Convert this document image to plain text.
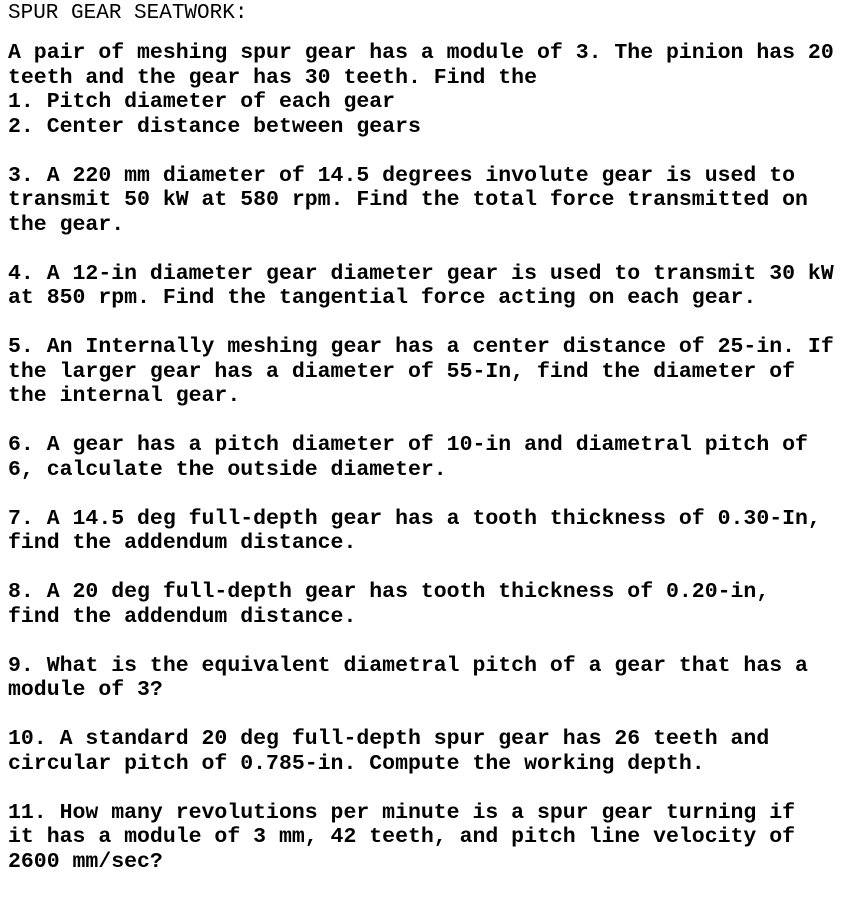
SPUR GEAR SEATWORK:
A pair of meshing spur gear has a module of 3. The pinion has 20
teeth and the gear has 30 teeth. Find the
1. Pitch diameter of each gear
2. Center distance between gears
3. A 220 mm diameter of 14.5 degrees involute gear is used to
transmit 50 kW at 580 rpm. Find the total force transmitted on
the gear.
4. A 12-in diameter gear diameter gear is used to transmit 30 kW
at 850 rpm. Find the tangential force acting on each gear.
5. An Internally meshing gear has a center distance of 25-in. If
the larger gear has a diameter of 55-In, find the diameter of
the internal gear.
6. A gear has a pitch diameter of 10-in and diametral pitch of
6, calculate the outside diameter.
7. A 14.5 deg full-depth gear has a tooth thickness of 0.30-In,
find the addendum distance.
8. A 20 deg full-depth gear has tooth thickness of 0.20-in,
find the addendum distance.
9. What is the equivalent diametral pitch of a gear that has a
module of 3?
10. A standard 20 deg full-depth spur gear has 26 teeth and
circular pitch of 0.785-in. Compute the working depth.
11. How many revolutions per minute is a spur gear turning if
it has a module of 3 mm, 42 teeth, and pitch line velocity of
2600 mm/sec?
